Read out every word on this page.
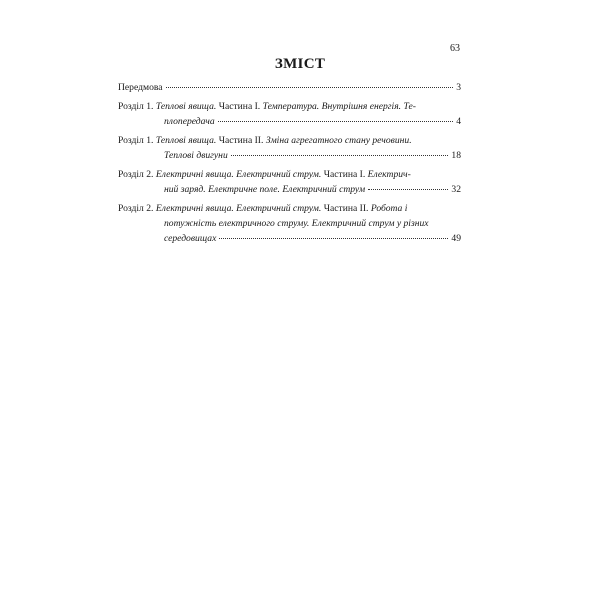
63
ЗМІСТ
Передмова	3

Розділ 1. Теплові явища. Частина I. Температура. Внутрішня енергія. Те-

плопередача	4

Розділ 1. Теплові явища. Частина II. Зміна агрегатного стану речовини.

Теплові двигуни	18

Розділ 2. Електричні явища. Електричний струм. Частина I. Електрич-

ний заряд. Електричне поле. Електричний струм	32

Розділ 2. Електричні явища. Електричний струм. Частина II. Робота і

потужність електричного струму. Електричний струм у різних

середовищах	49
